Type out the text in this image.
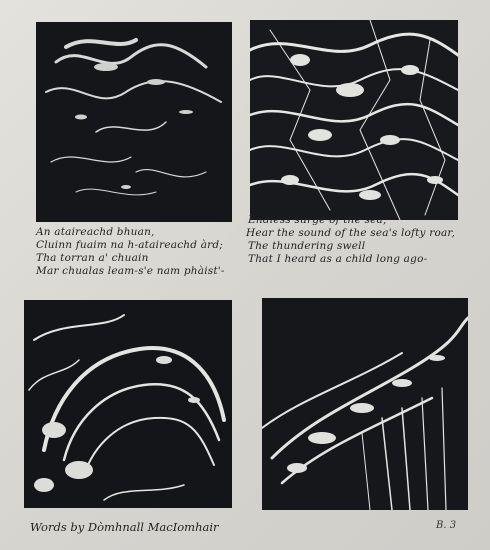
An ataireachd bhuan,
Cluinn fuaim na h-ataireachd àrd;
Tha torran a' chuain
Mar chualas leam-s'e nam phàist'-
Endless surge of the sea,
Hear the sound of the sea's lofty roar,
The thundering swell
That I heard as a child long ago-
Words by Dòmhnall MacIomhair	B. 3
